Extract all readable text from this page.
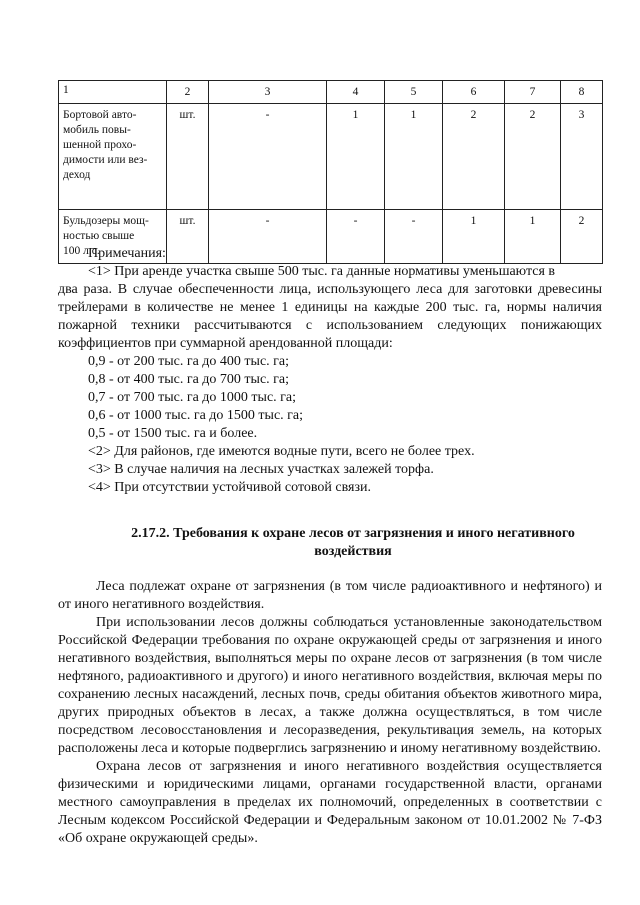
1	2	3	4	5	6	7	8

Бортовой авто-
мобиль повы-
шенной прохо-
димости или вез-
деход	шт.	-	1	1	2	2	3

Бульдозеры мощ-
ностью свыше
100 л.с.	шт.	-	-	-	1	1	2

Примечания:

<1> При аренде участка свыше 500 тыс. га данные нормативы уменьшаются в

два раза. В случае обеспеченности лица, использующего леса для заготовки древесины трейлерами в количестве не менее 1 единицы на каждые 200 тыс. га, нормы наличия пожарной техники рассчитываются с использованием следующих понижающих коэффициентов при суммарной арендованной площади:

0,9 - от 200 тыс. га до 400 тыс. га;

0,8 - от 400 тыс. га до 700 тыс. га;

0,7 - от 700 тыс. га до 1000 тыс. га;

0,6 - от 1000 тыс. га до 1500 тыс. га;

0,5 - от 1500 тыс. га и более.

<2> Для районов, где имеются водные пути, всего не более трех.

<3> В случае наличия на лесных участках залежей торфа.

<4> При отсутствии устойчивой сотовой связи.

2.17.2. Требования к охране лесов от загрязнения и иного негативного
воздействия

Леса подлежат охране от загрязнения (в том числе радиоактивного и нефтяного) и от иного негативного воздействия.

При использовании лесов должны соблюдаться установленные законодательством Российской Федерации требования по охране окружающей среды от загрязнения и иного негативного воздействия, выполняться меры по охране лесов от загрязнения (в том числе нефтяного, радиоактивного и другого) и иного негативного воздействия, включая меры по сохранению лесных насаждений, лесных почв, среды обитания объектов животного мира, других природных объектов в лесах, а также должна осуществляться, в том числе посредством лесовосстановления и лесоразведения, рекультивация земель, на которых расположены леса и которые подверглись загрязнению и иному негативному воздействию.

Охрана лесов от загрязнения и иного негативного воздействия осуществляется физическими и юридическими лицами, органами государственной власти, органами местного самоуправления в пределах их полномочий, определенных в соответствии с Лесным кодексом Российской Федерации и Федеральным законом от 10.01.2002 № 7-ФЗ «Об охране окружающей среды».
